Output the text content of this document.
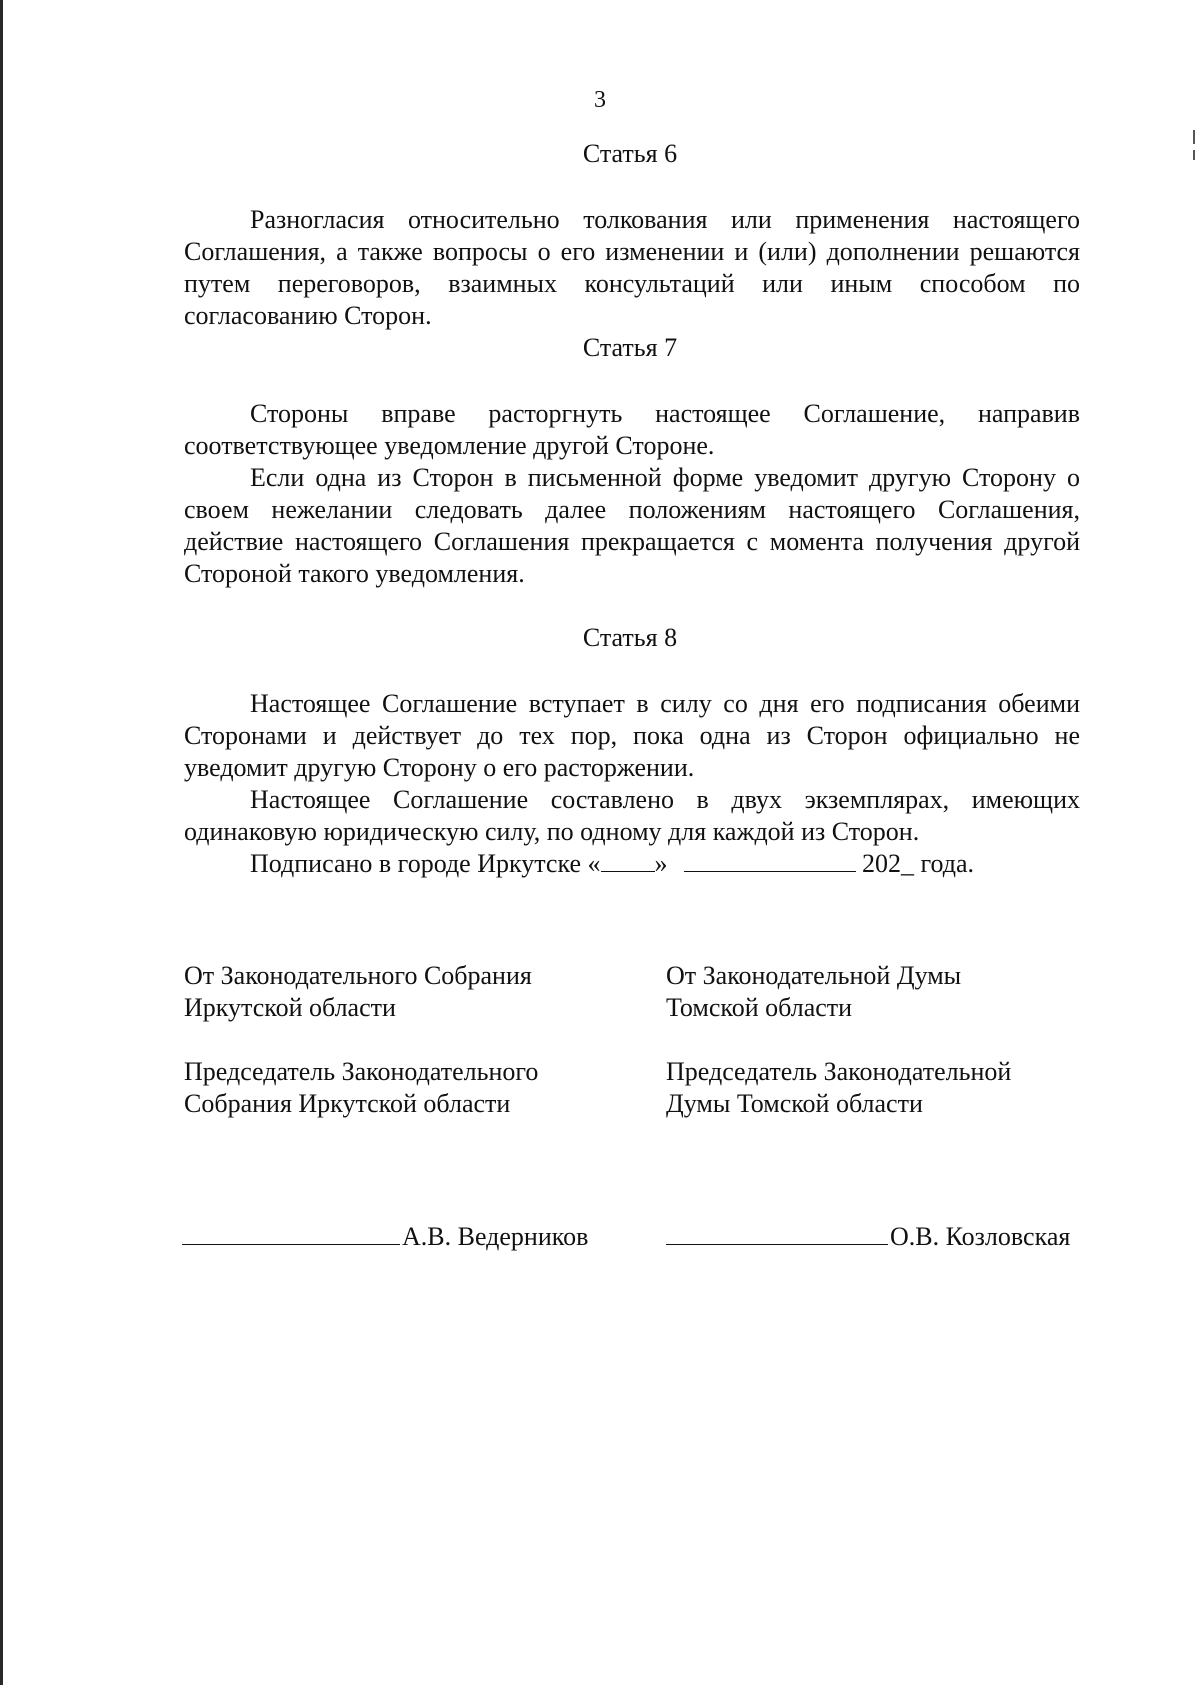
3
Статья 6
Разногласия относительно толкования или применения настоящего Соглашения, а также вопросы о его изменении и (или) дополнении решаются путем переговоров, взаимных консультаций или иным способом по согласованию Сторон.
Статья 7
Стороны вправе расторгнуть настоящее Соглашение, направив соответствующее уведомление другой Стороне.
Если одна из Сторон в письменной форме уведомит другую Сторону о своем нежелании следовать далее положениям настоящего Соглашения, действие настоящего Соглашения прекращается с момента получения другой Стороной такого уведомления.
Статья 8
Настоящее Соглашение вступает в силу со дня его подписания обеими Сторонами и действует до тех пор, пока одна из Сторон официально не уведомит другую Сторону о его расторжении.
Настоящее Соглашение составлено в двух экземплярах, имеющих одинаковую юридическую силу, по одному для каждой из Сторон.
Подписано в городе Иркутске « »	202_ года.
От Законодательного Собрания
Иркутской области
Председатель Законодательного
Собрания Иркутской области
От Законодательной Думы
Томской области
Председатель Законодательной
Думы Томской области
А.В. Ведерников	О.В. Козловская
